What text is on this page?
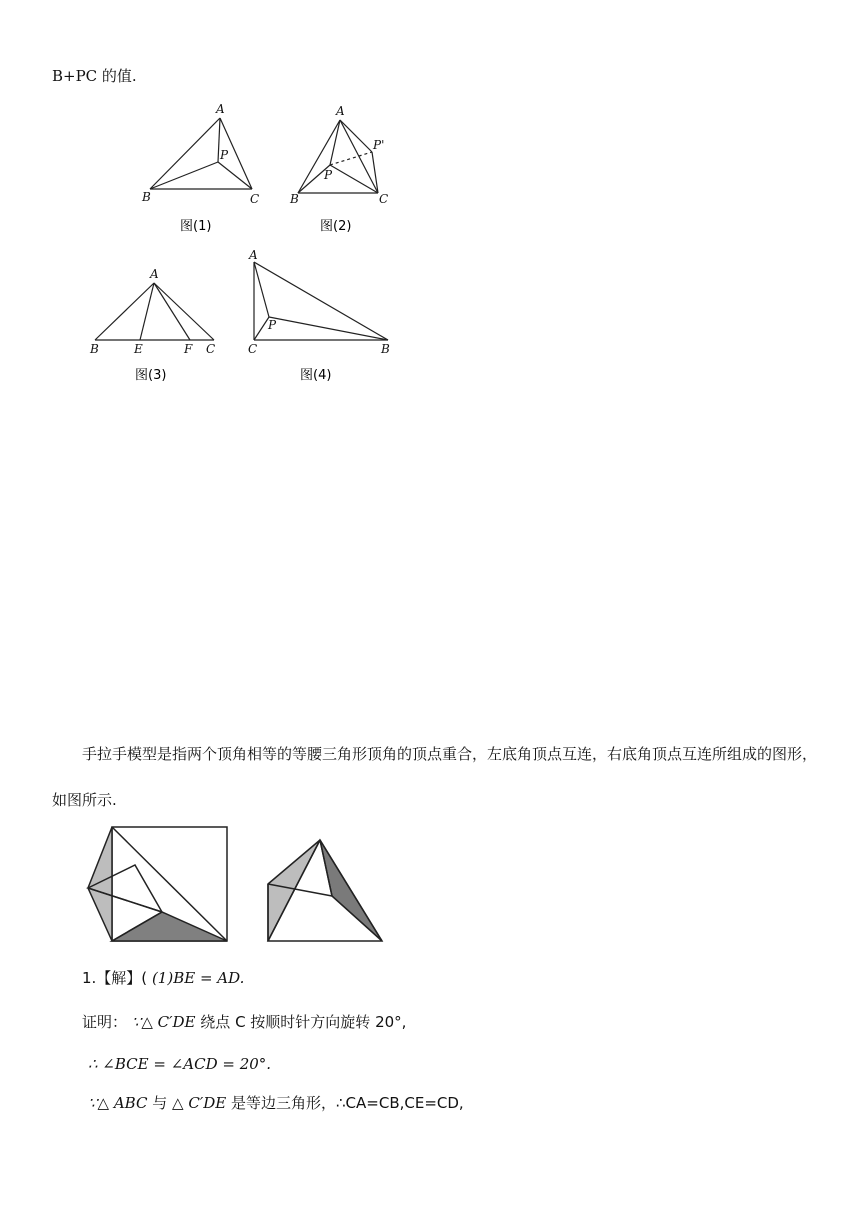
B+PC 的值.
A
P
B	C
图(1)
A
P'
P
B	C
图(2)
A
B	E	F C
图(3)
A
P
C	B
图(4)
手拉手模型是指两个顶角相等的等腰三角形顶角的顶点重合，左底角顶点互连，右底角顶点互连所组成的图形，
如图所示.
1.【解】( (1)BE = AD.
证明： ∵△ C′DE 绕点 C 按顺时针方向旋转 20°,
∴ ∠BCE = ∠ACD = 20°.
∵△ ABC 与 △ C′DE 是等边三角形，∴CA=CB,CE=CD,
